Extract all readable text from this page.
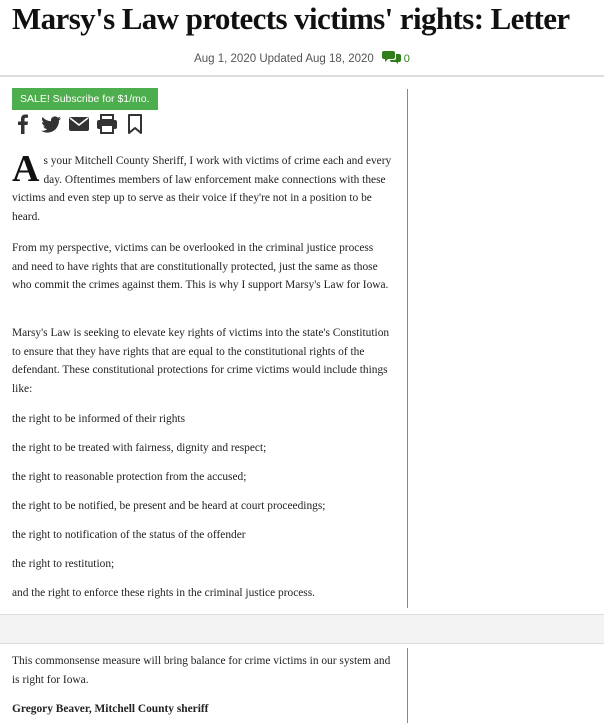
Marsy's Law protects victims' rights: Letter
Aug 1, 2020 Updated Aug 18, 2020	0
SALE! Subscribe for $1/mo.

As your Mitchell County Sheriff, I work with victims of crime each and every day. Oftentimes members of law enforcement make connections with these victims and even step up to serve as their voice if they're not in a position to be heard.

From my perspective, victims can be overlooked in the criminal justice process and need to have rights that are constitutionally protected, just the same as those who commit the crimes against them. This is why I support Marsy's Law for Iowa.

Marsy's Law is seeking to elevate key rights of victims into the state's Constitution to ensure that they have rights that are equal to the constitutional rights of the defendant. These constitutional protections for crime victims would include things like:

the right to be informed of their rights

the right to be treated with fairness, dignity and respect;

the right to reasonable protection from the accused;

the right to be notified, be present and be heard at court proceedings;

the right to notification of the status of the offender

the right to restitution;

and the right to enforce these rights in the criminal justice process.

This commonsense measure will bring balance for crime victims in our system and is right for Iowa.

Gregory Beaver, Mitchell County sheriff
